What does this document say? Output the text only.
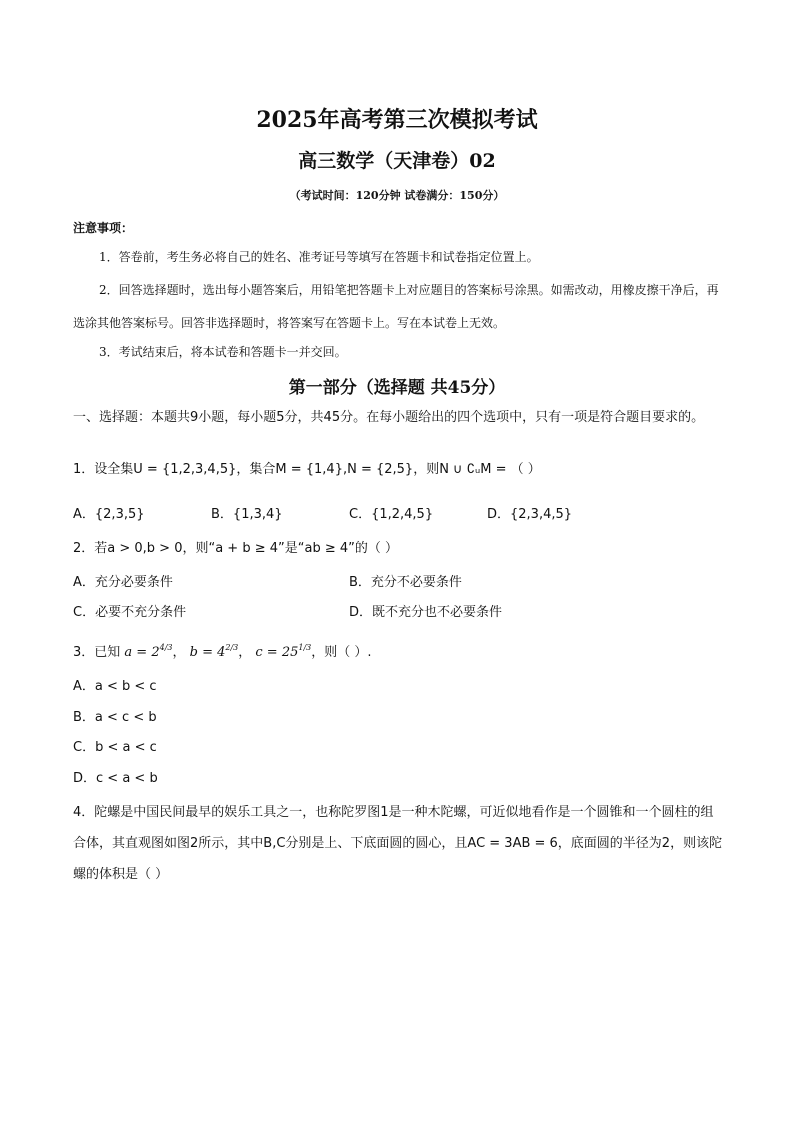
2025年高考第三次模拟考试
高三数学（天津卷）02
（考试时间：120分钟 试卷满分：150分）
注意事项：
1．答卷前，考生务必将自己的姓名、准考证号等填写在答题卡和试卷指定位置上。
2．回答选择题时，选出每小题答案后，用铅笔把答题卡上对应题目的答案标号涂黑。如需改动，用橡皮擦干净后，再选涂其他答案标号。回答非选择题时，将答案写在答题卡上。写在本试卷上无效。
3．考试结束后，将本试卷和答题卡一并交回。
第一部分（选择题 共45分）
一、选择题：本题共9小题，每小题5分，共45分。在每小题给出的四个选项中，只有一项是符合题目要求的。
1．设全集U = {1,2,3,4,5}，集合M = {1,4},N = {2,5}，则N ∪ ∁ᵤM = （ ）
A．{2,3,5}	B．{1,3,4}	C．{1,2,4,5}	D．{2,3,4,5}
2．若a > 0,b > 0，则“a + b ≥ 4”是“ab ≥ 4”的（ ）
A．充分必要条件	B．充分不必要条件
C．必要不充分条件	D．既不充分也不必要条件
3．已知 $a = 2^{4/3}$， $b = 4^{2/3}$， $c = 25^{1/3}$，则（ ）.
A．a < b < c
B．a < c < b
C．b < a < c
D．c < a < b
4．陀螺是中国民间最早的娱乐工具之一，也称陀罗图1是一种木陀螺，可近似地看作是一个圆锥和一个圆柱的组合体，其直观图如图2所示，其中B,C分别是上、下底面圆的圆心，且AC = 3AB = 6，底面圆的半径为2，则该陀螺的体积是（ ）
